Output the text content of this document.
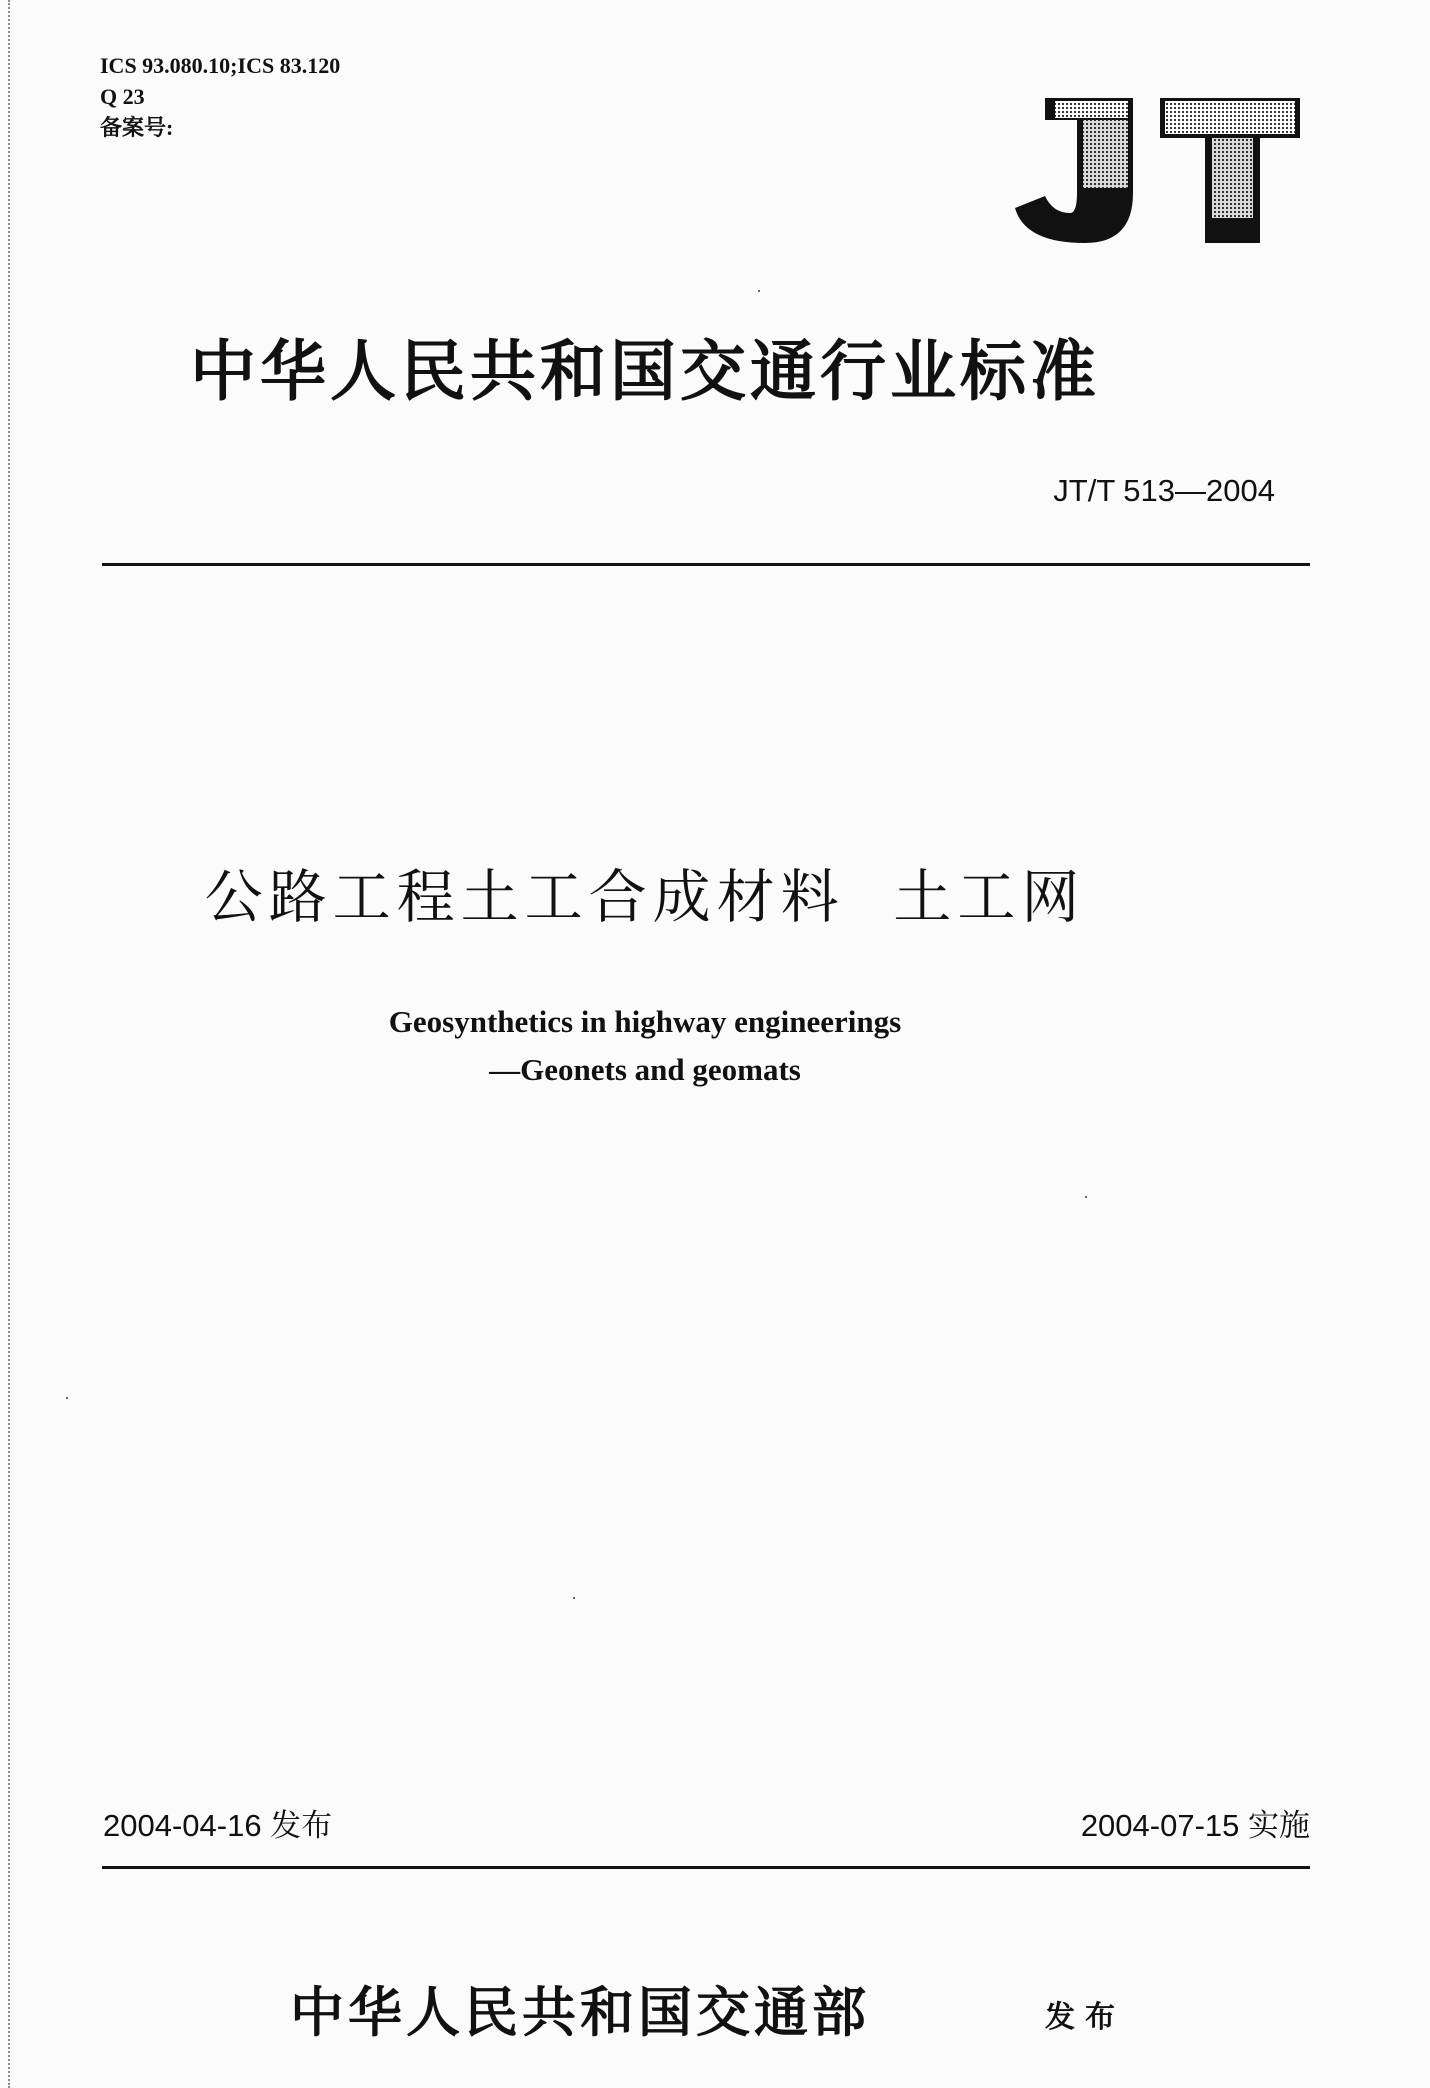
ICS 93.080.10;ICS 83.120
Q 23
备案号:
中华人民共和国交通行业标准
JT/T 513—2004
公路工程土工合成材料  土工网
Geosynthetics in highway engineerings
—Geonets and geomats
2004-04-16 发布	2004-07-15 实施
中华人民共和国交通部	发布
